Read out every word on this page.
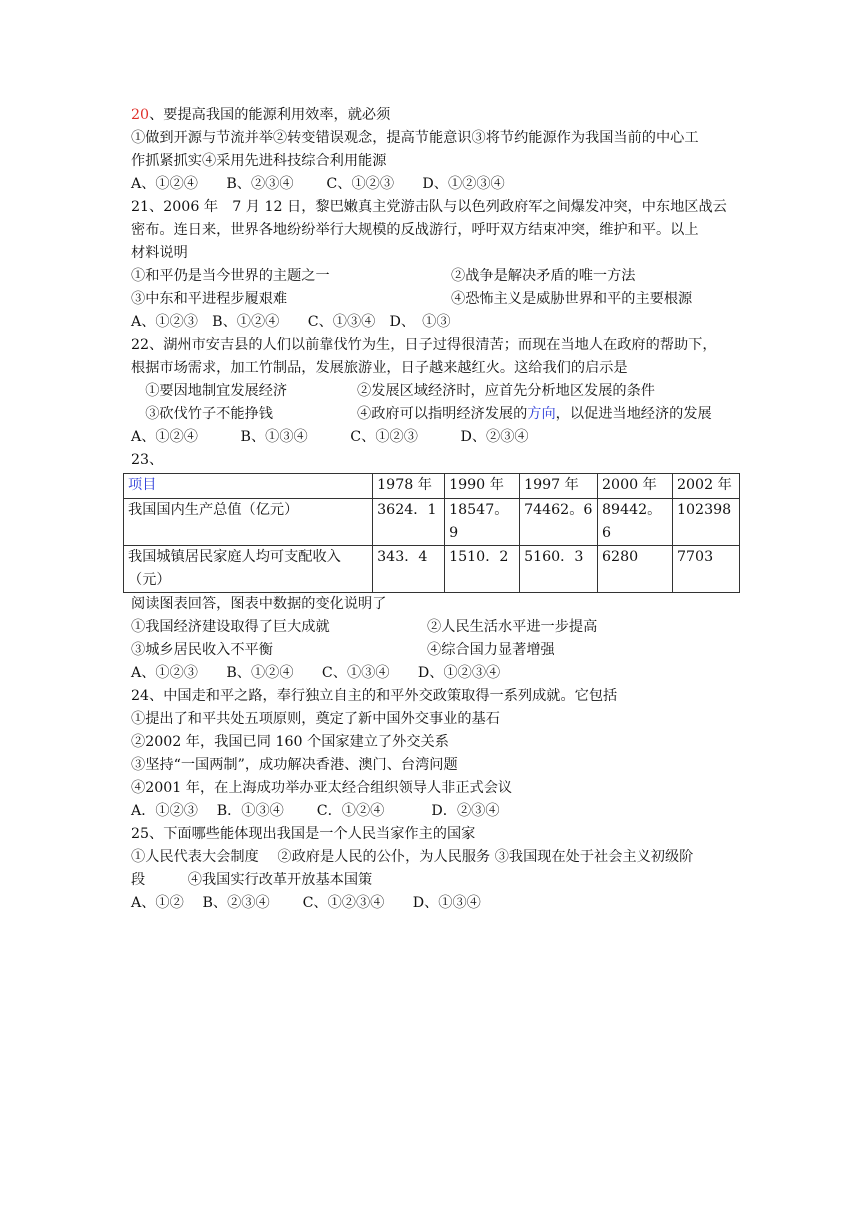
20、要提高我国的能源利用效率，就必须
①做到开源与节流并举②转变错误观念，提高节能意识③将节约能源作为我国当前的中心工
作抓紧抓实④采用先进科技综合利用能源
A、①②④　　B、②③④　　 C、①②③　　D、①②③④
21、2006 年　7 月 12 日，黎巴嫩真主党游击队与以色列政府军之间爆发冲突，中东地区战云
密布。连日来，世界各地纷纷举行大规模的反战游行，呼吁双方结束冲突，维护和平。以上
材料说明
①和平仍是当今世界的主题之一	②战争是解决矛盾的唯一方法
③中东和平进程步履艰难	④恐怖主义是威胁世界和平的主要根源
A、①②③　B、①②④　　C、①③④　D、　①③
22、湖州市安吉县的人们以前靠伐竹为生，日子过得很清苦；而现在当地人在政府的帮助下，
根据市场需求，加工竹制品，发展旅游业，日子越来越红火。这给我们的启示是
　①要因地制宜发展经济	②发展区域经济时，应首先分析地区发展的条件
　③砍伐竹子不能挣钱	④政府可以指明经济发展的方向，以促进当地经济的发展
A、①②④　　　B、①③④　　　C、①②③　　　D、②③④
23、
项目	1978 年	1990 年	1997 年	2000 年	2002 年
我国国内生产总值（亿元）	3624．1	18547。9	74462。6	89442。6	102398
我国城镇居民家庭人均可支配收入（元）	343．4	1510．2	5160．3	6280	7703
阅读图表回答，图表中数据的变化说明了
①我国经济建设取得了巨大成就	②人民生活水平进一步提高
③城乡居民收入不平衡	④综合国力显著增强
A、①②③　　B、①②④　　C、①③④　　D、①②③④
24、中国走和平之路，奉行独立自主的和平外交政策取得一系列成就。它包括
①提出了和平共处五项原则，奠定了新中国外交事业的基石
②2002 年，我国已同 160 个国家建立了外交关系
③坚持“一国两制”，成功解决香港、澳门、台湾问题
④2001 年，在上海成功举办亚太经合组织领导人非正式会议
A．①②③　 B．①③④　　 C．①②④　　　 D．②③④
25、下面哪些能体现出我国是一个人民当家作主的国家
①人民代表大会制度　 ②政府是人民的公仆，为人民服务 ③我国现在处于社会主义初级阶
段　　　④我国实行改革开放基本国策
A、①②　 B、②③④　　 C、①②③④　　D、①③④
